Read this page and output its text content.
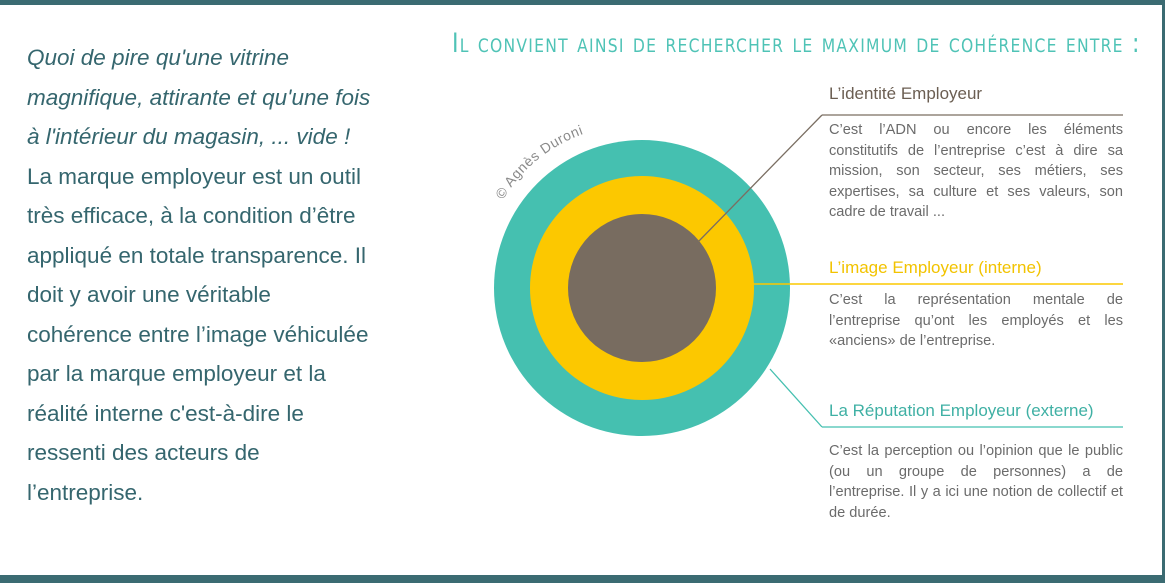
Quoi de pire qu'une vitrine magnifique, attirante et qu'une fois à l'intérieur du magasin, ... vide !
La marque employeur est un outil très efficace, à la condition d’être appliqué en totale transparence. Il doit y avoir une véritable cohérence entre l’image véhiculée par la marque employeur et la réalité interne c'est-à-dire le ressenti des acteurs de l’entreprise.
Il convient ainsi de rechercher le maximum de cohérence entre :
© Agnès Duroni
L’identité Employeur
C’est l’ADN ou encore les éléments constitutifs de l’entreprise c’est à dire sa mission, son secteur, ses métiers, ses expertises, sa culture et ses valeurs, son cadre de travail ...
L’image Employeur (interne)
C’est la représentation mentale de l’entreprise qu’ont les employés et les «anciens» de l’entreprise.
La Réputation Employeur (externe)
C’est la perception ou l’opinion que le public (ou un groupe de personnes) a de l’entreprise. Il y a ici une notion de collectif et de durée.
